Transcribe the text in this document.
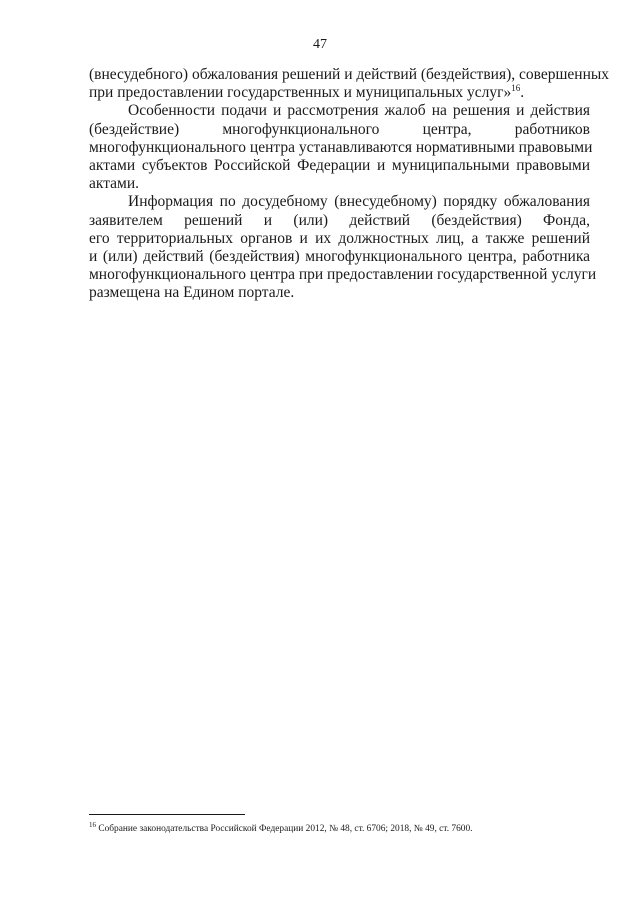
47
(внесудебного) обжалования решений и действий (бездействия), совершенных
при предоставлении государственных и муниципальных услуг»$^{16}$.
Особенности подачи и рассмотрения жалоб на решения и действия
(бездействие) многофункционального центра, работников
многофункционального центра устанавливаются нормативными правовыми
актами субъектов Российской Федерации и муниципальными правовыми
актами.
Информация по досудебному (внесудебному) порядку обжалования
заявителем решений и (или) действий (бездействия) Фонда,
его территориальных органов и их должностных лиц, а также решений
и (или) действий (бездействия) многофункционального центра, работника
многофункционального центра при предоставлении государственной услуги
размещена на Едином портале.
$^{16}$ Собрание законодательства Российской Федерации 2012, № 48, ст. 6706; 2018, № 49, ст. 7600.
